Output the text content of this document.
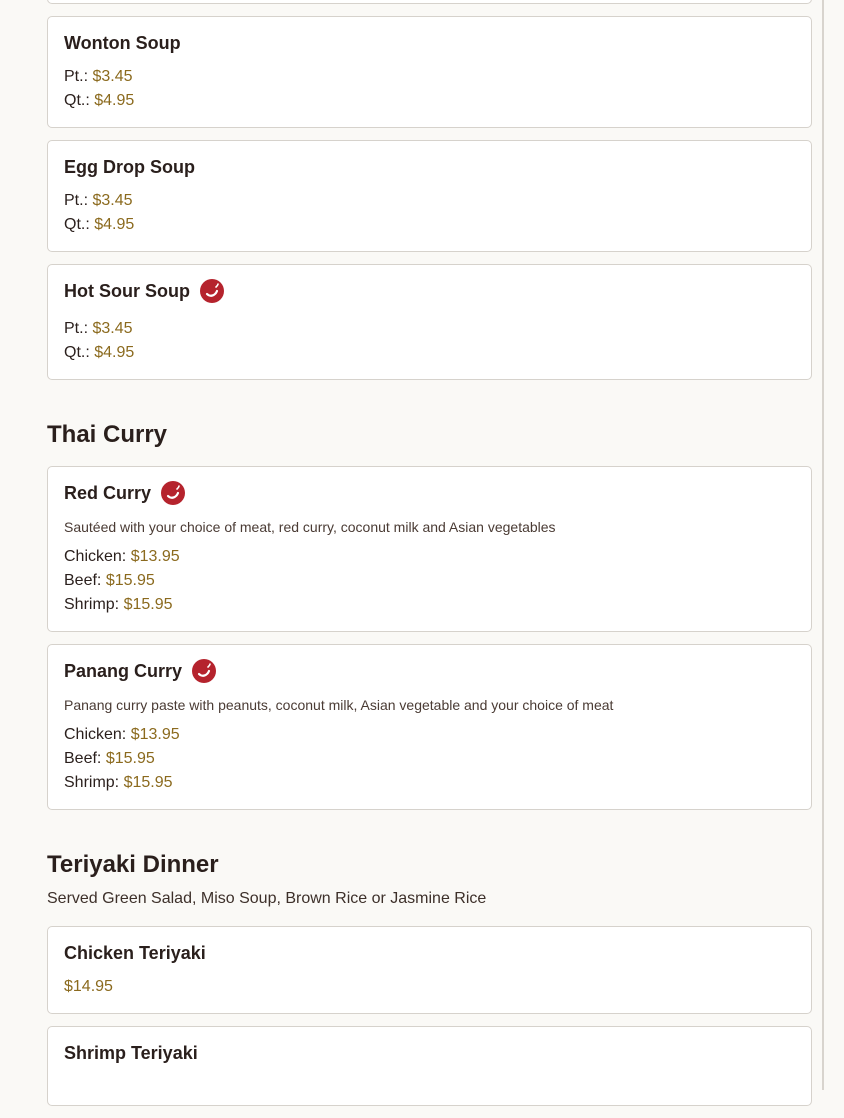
Wonton Soup
Pt.: $3.45
Qt.: $4.95
Egg Drop Soup
Pt.: $3.45
Qt.: $4.95
Hot Sour Soup
Pt.: $3.45
Qt.: $4.95
Thai Curry
Red Curry
Sautéed with your choice of meat, red curry, coconut milk and Asian vegetables
Chicken: $13.95
Beef: $15.95
Shrimp: $15.95
Panang Curry
Panang curry paste with peanuts, coconut milk, Asian vegetable and your choice of meat
Chicken: $13.95
Beef: $15.95
Shrimp: $15.95
Teriyaki Dinner
Served Green Salad, Miso Soup, Brown Rice or Jasmine Rice
Chicken Teriyaki
$14.95
Shrimp Teriyaki
